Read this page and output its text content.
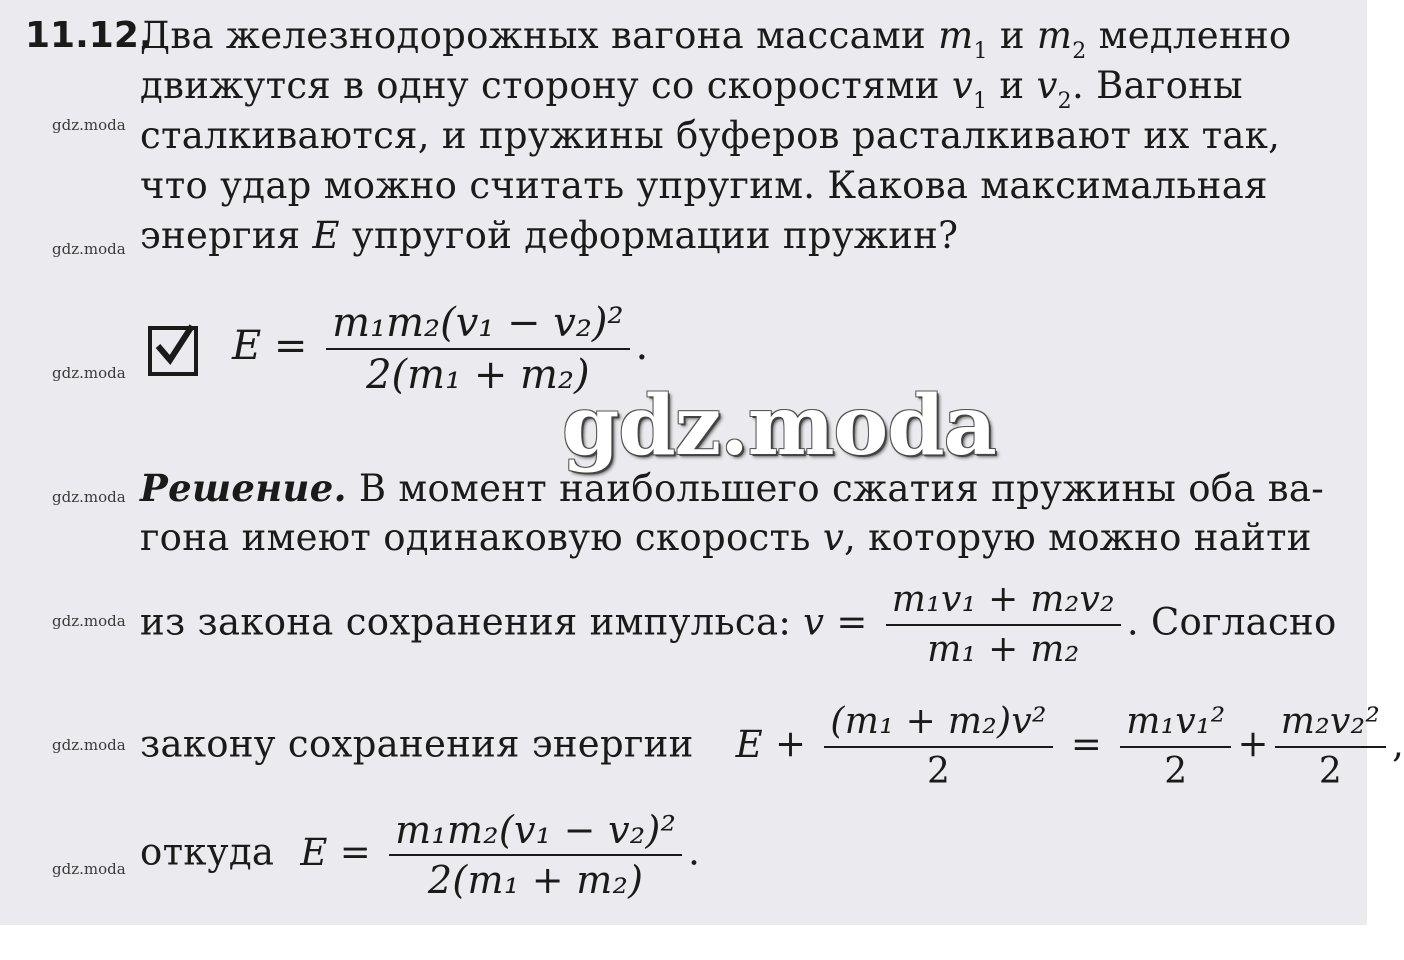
11.12.
Два железнодорожных вагона массами $m_1$ и $m_2$ медленно
движутся в одну сторону со скоростями $v_1$ и $v_2$. Вагоны
сталкиваются, и пружины буферов расталкивают их так,
что удар можно считать упругим. Какова максимальная
энергия E упругой деформации пружин?
$E = \frac{\text{m₁m₂(v₁ − v₂)²}}{\text{2(m₁ + m₂)}}$ .
gdz.moda
Решение. В момент наибольшего сжатия пружины оба ва-
гона имеют одинаковую скорость v, которую можно найти
из закона сохранения импульса: $v = \frac{\text{m₁v₁ + m₂v₂}}{\text{m₁ + m₂}}$ . Согласно
закону сохранения энергии $E + \frac{\text{(m₁ + m₂)v²}}{2} = \frac{\text{m₁v₁²}}{2} + \frac{\text{m₂v₂²}}{2}$ ,
откуда $E = \frac{\text{m₁m₂(v₁ − v₂)²}}{\text{2(m₁ + m₂)}}$ .
gdz.moda
gdz.moda
gdz.moda
gdz.moda
gdz.moda
gdz.moda
gdz.moda
